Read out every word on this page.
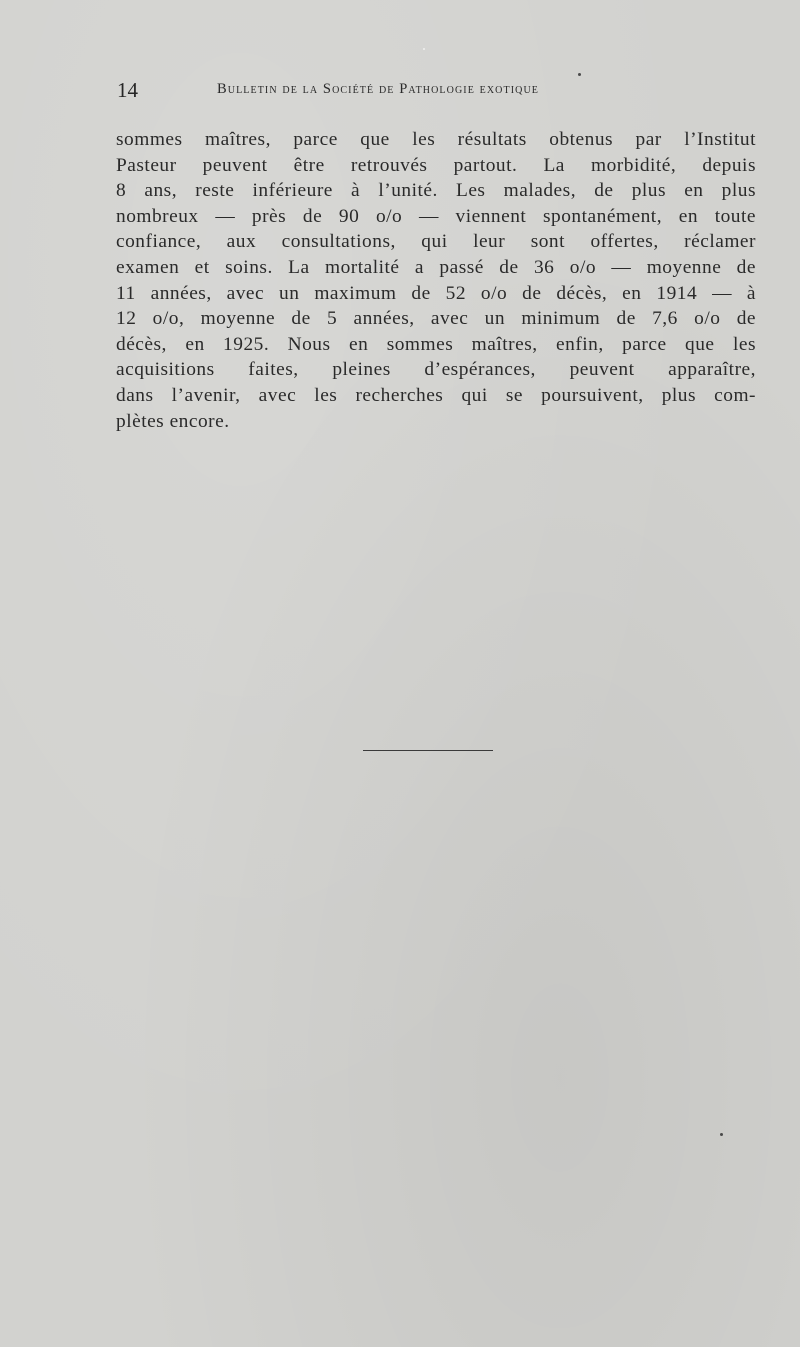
14	Bulletin de la Société de Pathologie exotique
sommes maîtres, parce que les résultats obtenus par l’Institut
Pasteur peuvent être retrouvés partout. La morbidité, depuis
8 ans, reste inférieure à l’unité. Les malades, de plus en plus
nombreux — près de 90 o/o — viennent spontanément, en toute
confiance, aux consultations, qui leur sont offertes, réclamer
examen et soins. La mortalité a passé de 36 o/o — moyenne de
11 années, avec un maximum de 52 o/o de décès, en 1914 — à
12 o/o, moyenne de 5 années, avec un minimum de 7,6 o/o de
décès, en 1925. Nous en sommes maîtres, enfin, parce que les
acquisitions faites, pleines d’espérances, peuvent apparaître,
dans l’avenir, avec les recherches qui se poursuivent, plus com-
plètes encore.
